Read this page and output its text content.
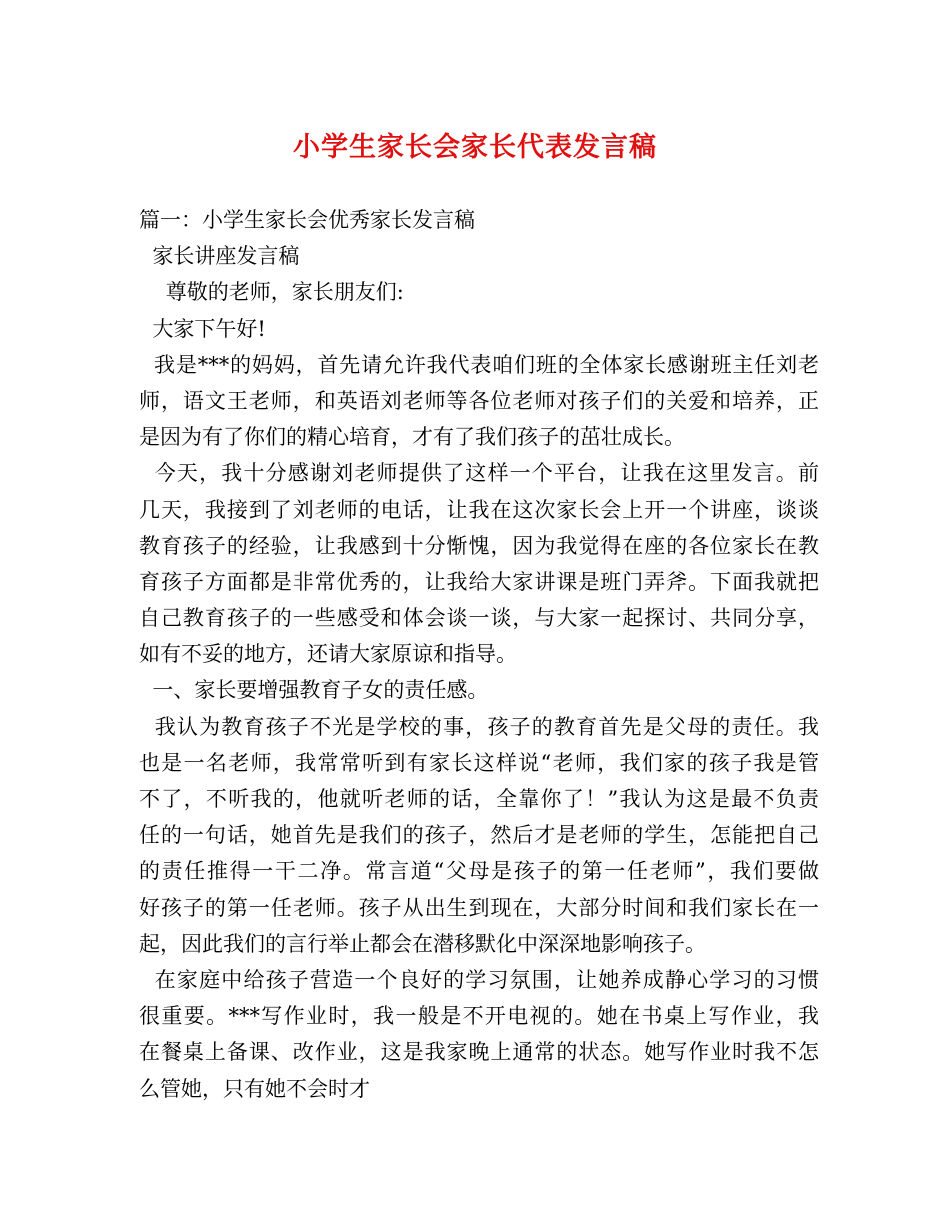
小学生家长会家长代表发言稿
篇一：小学生家长会优秀家长发言稿
家长讲座发言稿
尊敬的老师，家长朋友们:
大家下午好!
我是***的妈妈，首先请允许我代表咱们班的全体家长感谢班主任刘老
师，语文王老师，和英语刘老师等各位老师对孩子们的关爱和培养，正
是因为有了你们的精心培育，才有了我们孩子的茁壮成长。
今天，我十分感谢刘老师提供了这样一个平台，让我在这里发言。前
几天，我接到了刘老师的电话，让我在这次家长会上开一个讲座，谈谈
教育孩子的经验，让我感到十分惭愧，因为我觉得在座的各位家长在教
育孩子方面都是非常优秀的，让我给大家讲课是班门弄斧。下面我就把
自己教育孩子的一些感受和体会谈一谈，与大家一起探讨、共同分享，
如有不妥的地方，还请大家原谅和指导。
一、家长要增强教育子女的责任感。
我认为教育孩子不光是学校的事，孩子的教育首先是父母的责任。我
也是一名老师，我常常听到有家长这样说“老师，我们家的孩子我是管
不了，不听我的，他就听老师的话，全靠你了！”我认为这是最不负责
任的一句话，她首先是我们的孩子，然后才是老师的学生，怎能把自己
的责任推得一干二净。常言道“父母是孩子的第一任老师”，我们要做
好孩子的第一任老师。孩子从出生到现在，大部分时间和我们家长在一
起，因此我们的言行举止都会在潜移默化中深深地影响孩子。
在家庭中给孩子营造一个良好的学习氛围，让她养成静心学习的习惯
很重要。***写作业时，我一般是不开电视的。她在书桌上写作业，我
在餐桌上备课、改作业，这是我家晚上通常的状态。她写作业时我不怎
么管她，只有她不会时才
